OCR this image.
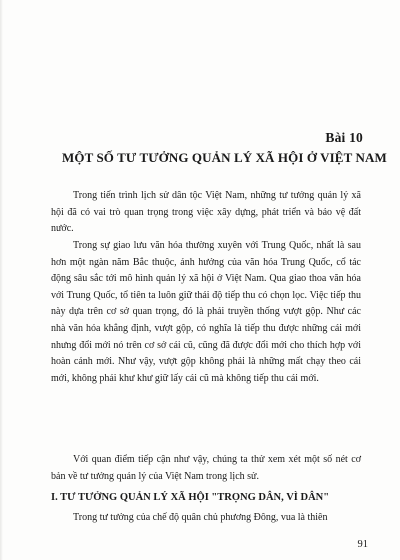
Bài 10
MỘT SỐ TƯ TƯỞNG QUẢN LÝ XÃ HỘI Ở VIỆT NAM

Trong tiến trình lịch sử dân tộc Việt Nam, những tư tưởng quản lý xã hội đã có vai trò quan trọng trong việc xây dựng, phát triển và bảo vệ đất nước.

Trong sự giao lưu văn hóa thường xuyên với Trung Quốc, nhất là sau hơn một ngàn năm Bắc thuộc, ảnh hưởng của văn hóa Trung Quốc, cổ tác động sâu sắc tới mô hình quản lý xã hội ở Việt Nam. Qua giao thoa văn hóa với Trung Quốc, tổ tiên ta luôn giữ thái độ tiếp thu có chọn lọc. Việc tiếp thu này dựa trên cơ sở quan trọng, đó là phải truyền thống vượt gộp. Như các nhà văn hóa khẳng định, vượt gộp, có nghĩa là tiếp thu được những cái mới nhưng đổi mới nó trên cơ sở cái cũ, cũng đã được đổi mới cho thích hợp với hoàn cảnh mới. Như vậy, vượt gộp không phải là những mất chạy theo cái mới, không phải khư khư giữ lấy cái cũ mà không tiếp thu cái mới.

Với quan điểm tiếp cận như vậy, chúng ta thử xem xét một số nét cơ bản về tư tưởng quản lý của Việt Nam trong lịch sử.

I. TƯ TƯỞNG QUẢN LÝ XÃ HỘI "TRỌNG DÂN, VÌ DÂN"

Trong tư tưởng của chế độ quân chủ phương Đông, vua là thiên

91
